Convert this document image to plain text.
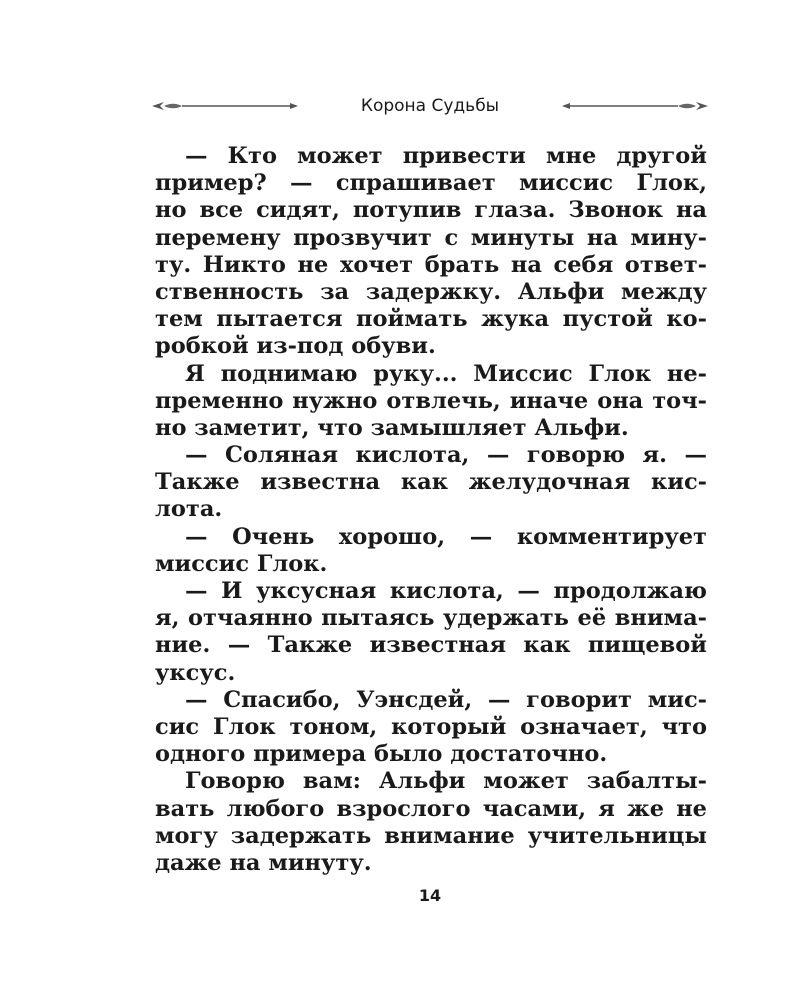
Корона Судьбы
— Кто может привести мне другой
пример? — спрашивает миссис Глок,
но все сидят, потупив глаза. Звонок на
перемену прозвучит с минуты на мину-
ту. Никто не хочет брать на себя ответ-
ственность за задержку. Альфи между
тем пытается поймать жука пустой ко-
робкой из-под обуви.
Я поднимаю руку... Миссис Глок не-
пременно нужно отвлечь, иначе она точ-
но заметит, что замышляет Альфи.
— Соляная кислота, — говорю я. —
Также известна как желудочная кис-
лота.
— Очень хорошо, — комментирует
миссис Глок.
— И уксусная кислота, — продолжаю
я, отчаянно пытаясь удержать её внима-
ние. — Также известная как пищевой
уксус.
— Спасибо, Уэнсдей, — говорит мис-
сис Глок тоном, который означает, что
одного примера было достаточно.
Говорю вам: Альфи может забалты-
вать любого взрослого часами, я же не
могу задержать внимание учительницы
даже на минуту.
14
